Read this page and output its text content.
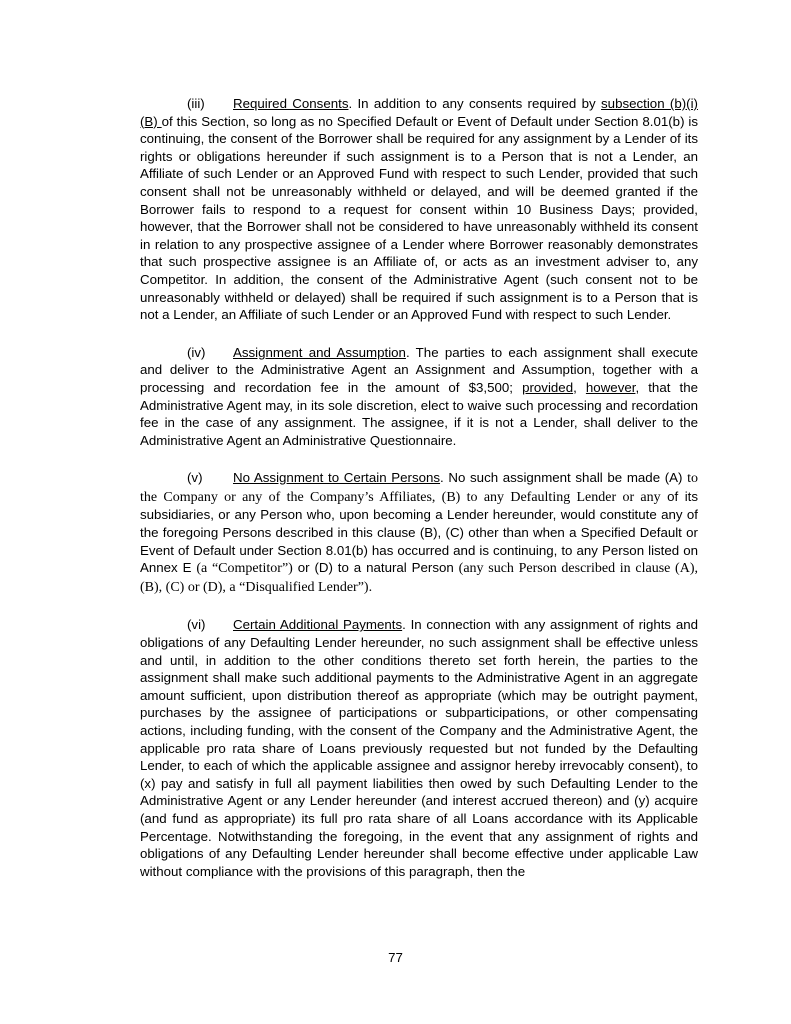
(iii) Required Consents. In addition to any consents required by subsection (b)(i)(B) of this Section, so long as no Specified Default or Event of Default under Section 8.01(b) is continuing, the consent of the Borrower shall be required for any assignment by a Lender of its rights or obligations hereunder if such assignment is to a Person that is not a Lender, an Affiliate of such Lender or an Approved Fund with respect to such Lender, provided that such consent shall not be unreasonably withheld or delayed, and will be deemed granted if the Borrower fails to respond to a request for consent within 10 Business Days; provided, however, that the Borrower shall not be considered to have unreasonably withheld its consent in relation to any prospective assignee of a Lender where Borrower reasonably demonstrates that such prospective assignee is an Affiliate of, or acts as an investment adviser to, any Competitor. In addition, the consent of the Administrative Agent (such consent not to be unreasonably withheld or delayed) shall be required if such assignment is to a Person that is not a Lender, an Affiliate of such Lender or an Approved Fund with respect to such Lender.

(iv) Assignment and Assumption. The parties to each assignment shall execute and deliver to the Administrative Agent an Assignment and Assumption, together with a processing and recordation fee in the amount of $3,500; provided, however, that the Administrative Agent may, in its sole discretion, elect to waive such processing and recordation fee in the case of any assignment. The assignee, if it is not a Lender, shall deliver to the Administrative Agent an Administrative Questionnaire.

(v) No Assignment to Certain Persons. No such assignment shall be made (A) to the Company or any of the Company’s Affiliates, (B) to any Defaulting Lender or any of its subsidiaries, or any Person who, upon becoming a Lender hereunder, would constitute any of the foregoing Persons described in this clause (B), (C) other than when a Specified Default or Event of Default under Section 8.01(b) has occurred and is continuing, to any Person listed on Annex E (a “Competitor”) or (D) to a natural Person (any such Person described in clause (A), (B), (C) or (D), a “Disqualified Lender”).

(vi) Certain Additional Payments. In connection with any assignment of rights and obligations of any Defaulting Lender hereunder, no such assignment shall be effective unless and until, in addition to the other conditions thereto set forth herein, the parties to the assignment shall make such additional payments to the Administrative Agent in an aggregate amount sufficient, upon distribution thereof as appropriate (which may be outright payment, purchases by the assignee of participations or subparticipations, or other compensating actions, including funding, with the consent of the Company and the Administrative Agent, the applicable pro rata share of Loans previously requested but not funded by the Defaulting Lender, to each of which the applicable assignee and assignor hereby irrevocably consent), to (x) pay and satisfy in full all payment liabilities then owed by such Defaulting Lender to the Administrative Agent or any Lender hereunder (and interest accrued thereon) and (y) acquire (and fund as appropriate) its full pro rata share of all Loans accordance with its Applicable Percentage. Notwithstanding the foregoing, in the event that any assignment of rights and obligations of any Defaulting Lender hereunder shall become effective under applicable Law without compliance with the provisions of this paragraph, then the

77
